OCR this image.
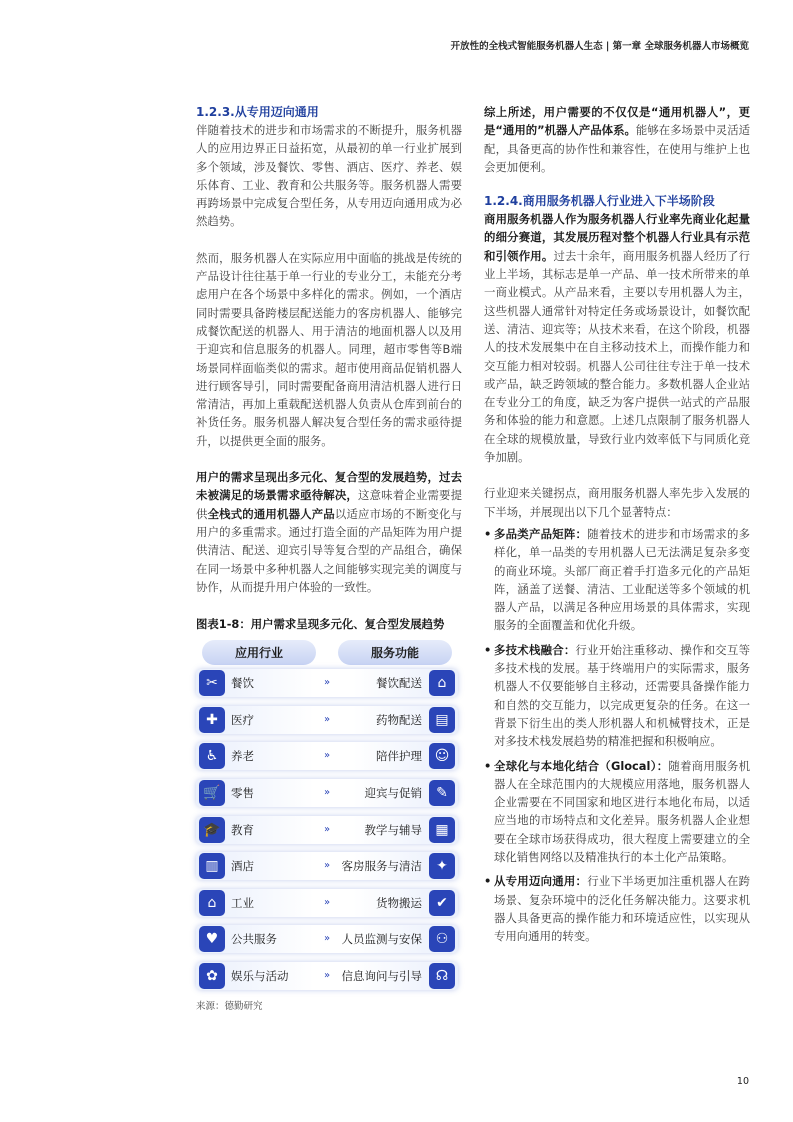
开放性的全栈式智能服务机器人生态 | 第一章 全球服务机器人市场概览
1.2.3.从专用迈向通用

伴随着技术的进步和市场需求的不断提升，服务机器人的应用边界正日益拓宽，从最初的单一行业扩展到多个领域，涉及餐饮、零售、酒店、医疗、养老、娱乐体育、工业、教育和公共服务等。服务机器人需要再跨场景中完成复合型任务，从专用迈向通用成为必然趋势。

然而，服务机器人在实际应用中面临的挑战是传统的产品设计往往基于单一行业的专业分工，未能充分考虑用户在各个场景中多样化的需求。例如，一个酒店同时需要具备跨楼层配送能力的客房机器人、能够完成餐饮配送的机器人、用于清洁的地面机器人以及用于迎宾和信息服务的机器人。同理，超市零售等B端场景同样面临类似的需求。超市使用商品促销机器人进行顾客导引，同时需要配备商用清洁机器人进行日常清洁，再加上重载配送机器人负责从仓库到前台的补货任务。服务机器人解决复合型任务的需求亟待提升，以提供更全面的服务。

用户的需求呈现出多元化、复合型的发展趋势，过去未被满足的场景需求亟待解决，这意味着企业需要提供全栈式的通用机器人产品以适应市场的不断变化与用户的多重需求。通过打造全面的产品矩阵为用户提供清洁、配送、迎宾引导等复合型的产品组合，确保在同一场景中多种机器人之间能够实现完美的调度与协作，从而提升用户体验的一致性。

图表1-8：用户需求呈现多元化、复合型发展趋势
应用行业	服务功能
✂	餐饮	»	餐饮配送	⌂
✚	医疗	»	药物配送 ▤
♿	养老	»	陪伴护理 ☺
🛒 零售	»	迎宾与促销	✎
🎓 教育	»	教学与辅导 ▦
▥	酒店	» 客房服务与清洁	✦
⌂	工业	»	货物搬运	✔
♥	公共服务	» 人员监测与安保 ⚇
✿	娱乐与活动	» 信息询问与引导 ☊
来源：德勤研究

综上所述，用户需要的不仅仅是“通用机器人”，更是“通用的”机器人产品体系。能够在多场景中灵活适配，具备更高的协作性和兼容性，在使用与维护上也会更加便利。

1.2.4.商用服务机器人行业进入下半场阶段

商用服务机器人作为服务机器人行业率先商业化起量的细分赛道，其发展历程对整个机器人行业具有示范和引领作用。过去十余年，商用服务机器人经历了行业上半场，其标志是单一产品、单一技术所带来的单一商业模式。从产品来看，主要以专用机器人为主，这些机器人通常针对特定任务或场景设计，如餐饮配送、清洁、迎宾等；从技术来看，在这个阶段，机器人的技术发展集中在自主移动技术上，而操作能力和交互能力相对较弱。机器人公司往往专注于单一技术或产品，缺乏跨领域的整合能力。多数机器人企业站在专业分工的角度，缺乏为客户提供一站式的产品服务和体验的能力和意愿。上述几点限制了服务机器人在全球的规模放量，导致行业内效率低下与同质化竞争加剧。

行业迎来关键拐点，商用服务机器人率先步入发展的下半场，并展现出以下几个显著特点：

• 多品类产品矩阵：随着技术的进步和市场需求的多样化，单一品类的专用机器人已无法满足复杂多变的商业环境。头部厂商正着手打造多元化的产品矩阵，涵盖了送餐、清洁、工业配送等多个领域的机器人产品，以满足各种应用场景的具体需求，实现服务的全面覆盖和优化升级。

• 多技术栈融合：行业开始注重移动、操作和交互等多技术栈的发展。基于终端用户的实际需求，服务机器人不仅要能够自主移动，还需要具备操作能力和自然的交互能力，以完成更复杂的任务。在这一背景下衍生出的类人形机器人和机械臂技术，正是对多技术栈发展趋势的精准把握和积极响应。

• 全球化与本地化结合（Glocal）：随着商用服务机器人在全球范围内的大规模应用落地，服务机器人企业需要在不同国家和地区进行本地化布局，以适应当地的市场特点和文化差异。服务机器人企业想要在全球市场获得成功，很大程度上需要建立的全球化销售网络以及精准执行的本土化产品策略。

• 从专用迈向通用：行业下半场更加注重机器人在跨场景、复杂环境中的泛化任务解决能力。这要求机器人具备更高的操作能力和环境适应性，以实现从专用向通用的转变。

10
